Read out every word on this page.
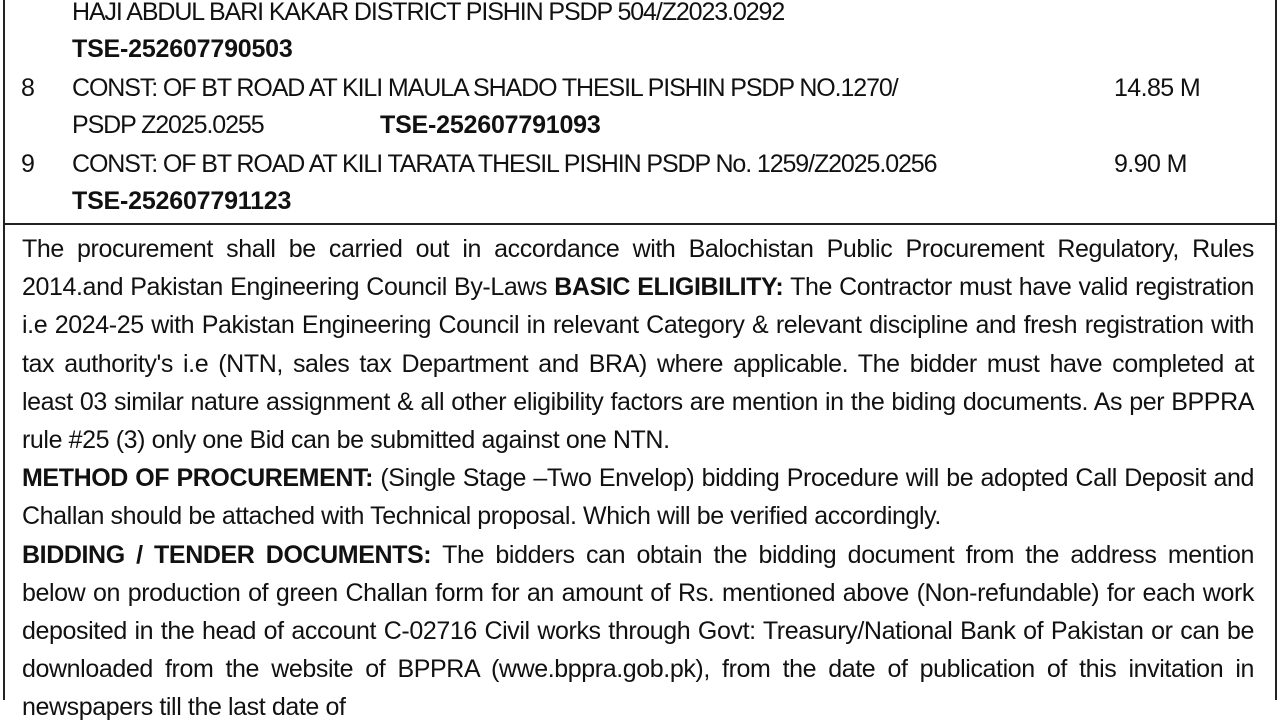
HAJI ABDUL BARI KAKAR DISTRICT PISHIN PSDP 504/Z2023.0292
TSE-252607790503
8 CONST: OF BT ROAD AT KILI MAULA SHADO THESIL PISHIN PSDP NO.1270/	14.85 M
PSDP Z2025.0255	TSE-252607791093
9 CONST: OF BT ROAD AT KILI TARATA THESIL PISHIN PSDP No. 1259/Z2025.0256	9.90 M
TSE-252607791123

The procurement shall be carried out in accordance with Balochistan Public Procurement Regulatory, Rules 2014.and Pakistan Engineering Council By-Laws BASIC ELIGIBILITY: The Contractor must have valid registration i.e 2024-25 with Pakistan Engineering Council in relevant Category & relevant discipline and fresh registration with tax authority's i.e (NTN, sales tax Department and BRA) where applicable. The bidder must have completed at least 03 similar nature assignment & all other eligibility factors are mention in the biding documents. As per BPPRA rule #25 (3) only one Bid can be submitted against one NTN.

METHOD OF PROCUREMENT: (Single Stage –Two Envelop) bidding Procedure will be adopted Call Deposit and Challan should be attached with Technical proposal. Which will be verified accordingly.

BIDDING / TENDER DOCUMENTS: The bidders can obtain the bidding document from the address mention below on production of green Challan form for an amount of Rs. mentioned above (Non-refundable) for each work deposited in the head of account C-02716 Civil works through Govt: Treasury/National Bank of Pakistan or can be downloaded from the website of BPPRA (wwe.bppra.gob.pk), from the date of publication of this invitation in newspapers till the last date of
